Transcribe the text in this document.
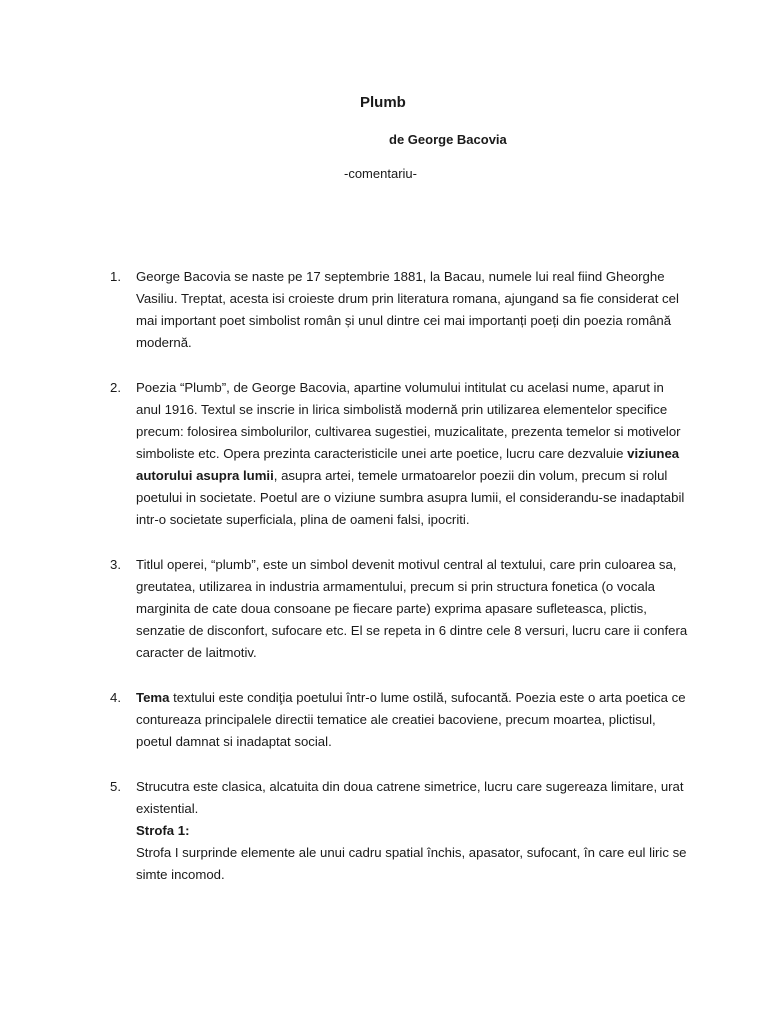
Plumb

de George Bacovia

-comentariu-

1. George Bacovia se naste pe 17 septembrie 1881, la Bacau, numele lui real fiind Gheorghe Vasiliu. Treptat, acesta isi croieste drum prin literatura romana, ajungand sa fie considerat cel mai important poet simbolist român și unul dintre cei mai importanți poeți din poezia română modernă.

2. Poezia “Plumb”, de George Bacovia, apartine volumului intitulat cu acelasi nume, aparut in anul 1916. Textul se inscrie in lirica simbolistă modernă prin utilizarea elementelor specifice precum: folosirea simbolurilor, cultivarea sugestiei, muzicalitate, prezenta temelor si motivelor simboliste etc. Opera prezinta caracteristicile unei arte poetice, lucru care dezvaluie viziunea autorului asupra lumii, asupra artei, temele urmatoarelor poezii din volum, precum si rolul poetului in societate. Poetul are o viziune sumbra asupra lumii, el considerandu-se inadaptabil intr-o societate superficiala, plina de oameni falsi, ipocriti.

3. Titlul operei, “plumb”, este un simbol devenit motivul central al textului, care prin culoarea sa, greutatea, utilizarea in industria armamentului, precum si prin structura fonetica (o vocala marginita de cate doua consoane pe fiecare parte) exprima apasare sufleteasca, plictis, senzatie de disconfort, sufocare etc. El se repeta in 6 dintre cele 8 versuri, lucru care ii confera caracter de laitmotiv.

4. Tema textului este condiţia poetului într-o lume ostilă, sufocantă. Poezia este o arta poetica ce contureaza principalele directii tematice ale creatiei bacoviene, precum moartea, plictisul, poetul damnat si inadaptat social.

5. Strucutra este clasica, alcatuita din doua catrene simetrice, lucru care sugereaza limitare, urat existential.

Strofa 1:

Strofa I surprinde elemente ale unui cadru spatial închis, apasator, sufocant, în care eul liric se simte incomod.
